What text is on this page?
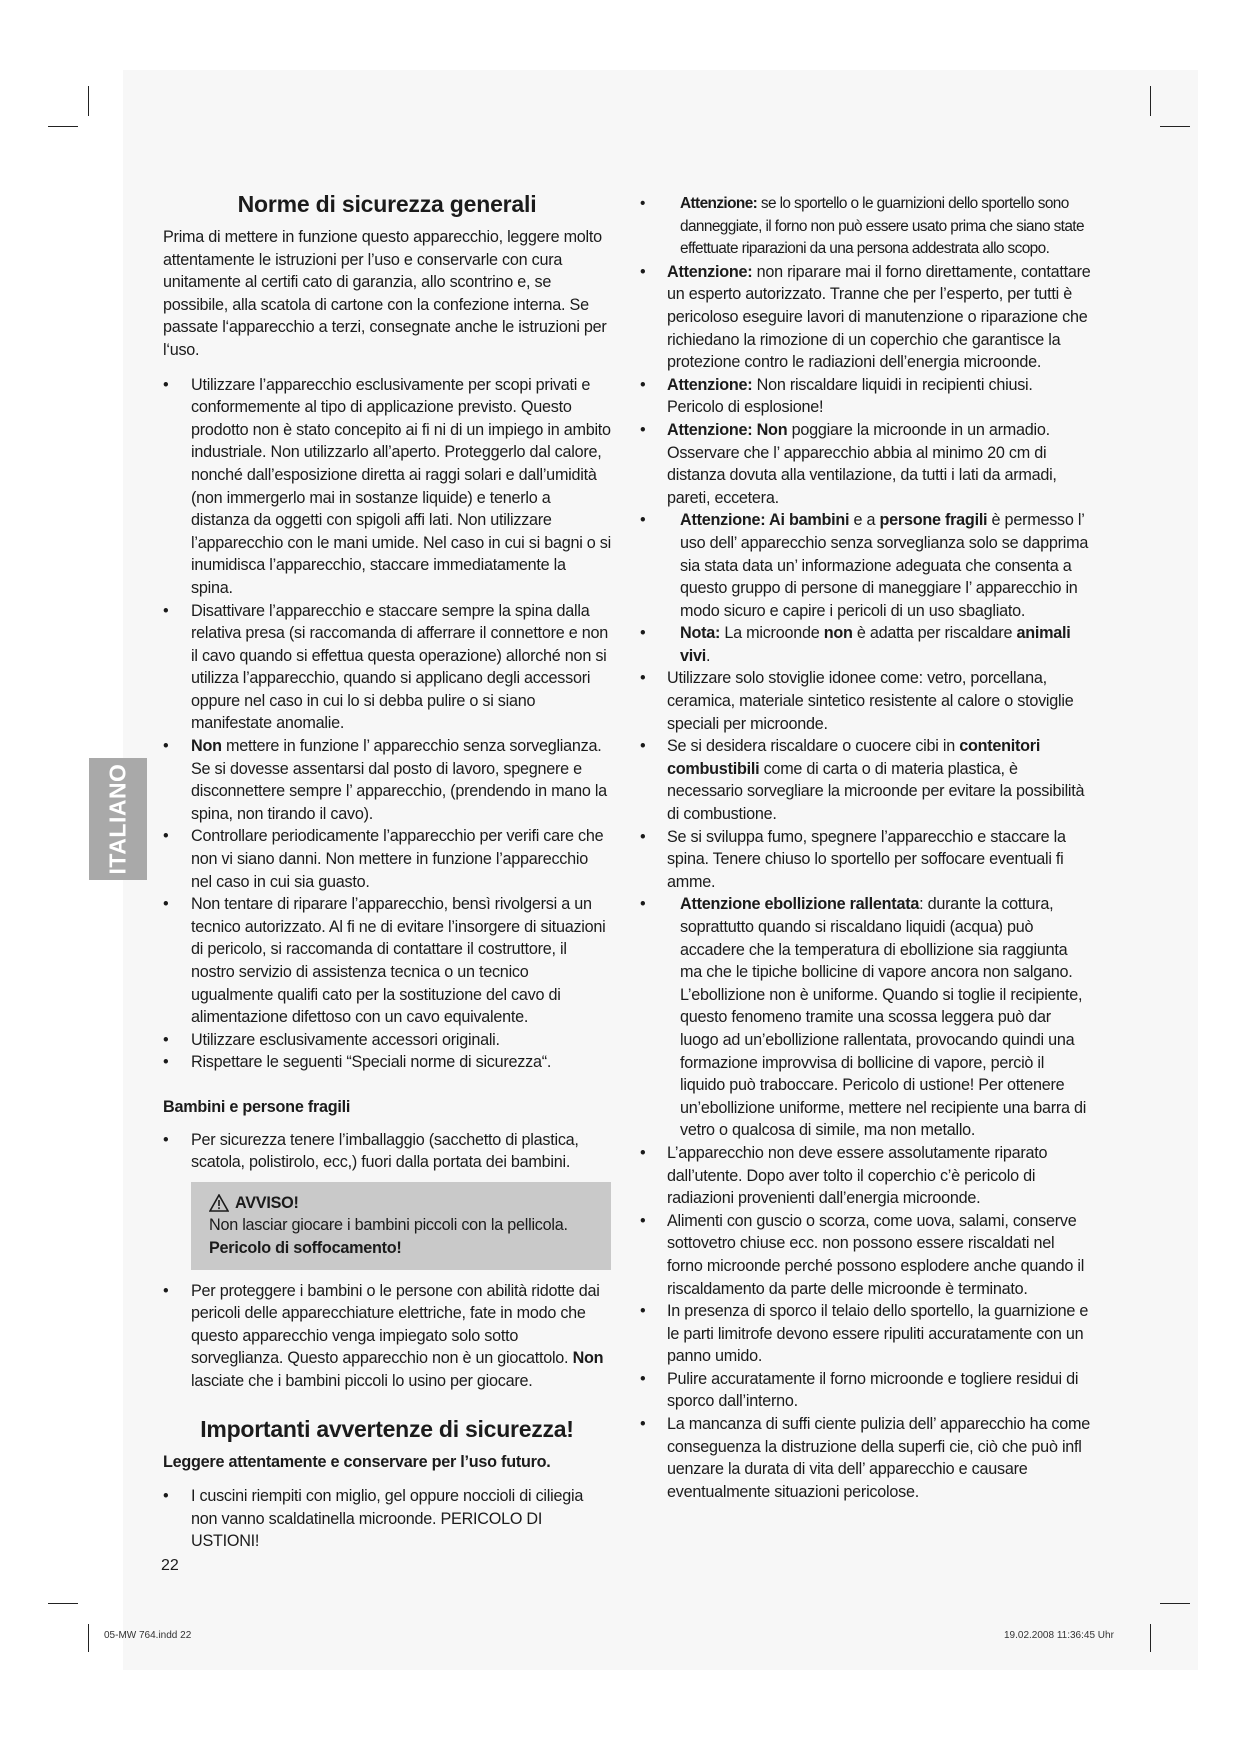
ITALIANO
Norme di sicurezza generali

Prima di mettere in funzione questo apparecchio, leggere molto attentamente le istruzioni per l’uso e conservarle con cura unitamente al certifi cato di garanzia, allo scontrino e, se possibile, alla scatola di cartone con la confezione interna. Se passate l‘apparecchio a terzi, consegnate anche le istruzioni per l‘uso.

• Utilizzare l’apparecchio esclusivamente per scopi privati e conformemente al tipo di applicazione previsto. Questo prodotto non è stato concepito ai fi ni di un impiego in ambito industriale. Non utilizzarlo all’aperto. Proteggerlo dal calore, nonché dall’esposizione diretta ai raggi solari e dall’umidità (non immergerlo mai in sostanze liquide) e tenerlo a distanza da oggetti con spigoli affi lati. Non utilizzare l’apparecchio con le mani umide. Nel caso in cui si bagni o si inumidisca l’apparecchio, staccare immediatamente la spina.
• Disattivare l’apparecchio e staccare sempre la spina dalla relativa presa (si raccomanda di afferrare il connettore e non il cavo quando si effettua questa operazione) allorché non si utilizza l’apparecchio, quando si applicano degli accessori oppure nel caso in cui lo si debba pulire o si siano manifestate anomalie.
• Non mettere in funzione l’ apparecchio senza sorveglianza. Se si dovesse assentarsi dal posto di lavoro, spegnere e disconnettere sempre l’ apparecchio, (prendendo in mano la spina, non tirando il cavo).
• Controllare periodicamente l’apparecchio per verifi care che non vi siano danni. Non mettere in funzione l’apparecchio nel caso in cui sia guasto.
• Non tentare di riparare l’apparecchio, bensì rivolgersi a un tecnico autorizzato. Al fi ne di evitare l’insorgere di situazioni di pericolo, si raccomanda di contattare il costruttore, il nostro servizio di assistenza tecnica o un tecnico ugualmente qualifi cato per la sostituzione del cavo di alimentazione difettoso con un cavo equivalente.
• Utilizzare esclusivamente accessori originali.
• Rispettare le seguenti “Speciali norme di sicurezza“.
Bambini e persone fragili
• Per sicurezza tenere l’imballaggio (sacchetto di plastica, scatola, polistirolo, ecc,) fuori dalla portata dei bambini.
AVVISO!
Non lasciar giocare i bambini piccoli con la pellicola.
Pericolo di soffocamento!
• Per proteggere i bambini o le persone con abilità ridotte dai pericoli delle apparecchiature elettriche, fate in modo che questo apparecchio venga impiegato solo sotto sorveglianza. Questo apparecchio non è un giocattolo. Non lasciate che i bambini piccoli lo usino per giocare.
Importanti avvertenze di sicurezza!
Leggere attentamente e conservare per l’uso futuro.
• I cuscini riempiti con miglio, gel oppure noccioli di ciliegia non vanno scaldatinella microonde. PERICOLO DI USTIONI!
• Attenzione: se lo sportello o le guarnizioni dello sportello sono danneggiate, il forno non può essere usato prima che siano state effettuate riparazioni da una persona addestrata allo scopo.
• Attenzione: non riparare mai il forno direttamente, contattare un esperto autorizzato. Tranne che per l’esperto, per tutti è pericoloso eseguire lavori di manutenzione o riparazione che richiedano la rimozione di un coperchio che garantisce la protezione contro le radiazioni dell’energia microonde.
• Attenzione: Non riscaldare liquidi in recipienti chiusi. Pericolo di esplosione!
• Attenzione: Non poggiare la microonde in un armadio. Osservare che l’ apparecchio abbia al minimo 20 cm di distanza dovuta alla ventilazione, da tutti i lati da armadi, pareti, eccetera.
• Attenzione: Ai bambini e a persone fragili è permesso l’ uso dell’ apparecchio senza sorveglianza solo se dapprima sia stata data un’ informazione adeguata che consenta a questo gruppo di persone di maneggiare l’ apparecchio in modo sicuro e capire i pericoli di un uso sbagliato.
• Nota: La microonde non è adatta per riscaldare animali vivi.
• Utilizzare solo stoviglie idonee come: vetro, porcellana, ceramica, materiale sintetico resistente al calore o stoviglie speciali per microonde.
• Se si desidera riscaldare o cuocere cibi in contenitori combustibili come di carta o di materia plastica, è necessario sorvegliare la microonde per evitare la possibilità di combustione.
• Se si sviluppa fumo, spegnere l’apparecchio e staccare la spina. Tenere chiuso lo sportello per soffocare eventuali fi amme.
• Attenzione ebollizione rallentata: durante la cottura, soprattutto quando si riscaldano liquidi (acqua) può accadere che la temperatura di ebollizione sia raggiunta ma che le tipiche bollicine di vapore ancora non salgano. L’ebollizione non è uniforme. Quando si toglie il recipiente, questo fenomeno tramite una scossa leggera può dar luogo ad un’ebollizione rallentata, provocando quindi una formazione improvvisa di bollicine di vapore, perciò il liquido può traboccare. Pericolo di ustione! Per ottenere un’ebollizione uniforme, mettere nel recipiente una barra di vetro o qualcosa di simile, ma non metallo.
• L’apparecchio non deve essere assolutamente riparato dall’utente. Dopo aver tolto il coperchio c’è pericolo di radiazioni provenienti dall’energia microonde.
• Alimenti con guscio o scorza, come uova, salami, conserve sottovetro chiuse ecc. non possono essere riscaldati nel forno microonde perché possono esplodere anche quando il riscaldamento da parte delle microonde è terminato.
• In presenza di sporco il telaio dello sportello, la guarnizione e le parti limitrofe devono essere ripuliti accuratamente con un panno umido.
• Pulire accuratamente il forno microonde e togliere residui di sporco dall’interno.
• La mancanza di suffi ciente pulizia dell’ apparecchio ha come conseguenza la distruzione della superfi cie, ciò che può infl uenzare la durata di vita dell’ apparecchio e causare eventualmente situazioni pericolose.
22
05-MW 764.indd 22	19.02.2008 11:36:45 Uhr
